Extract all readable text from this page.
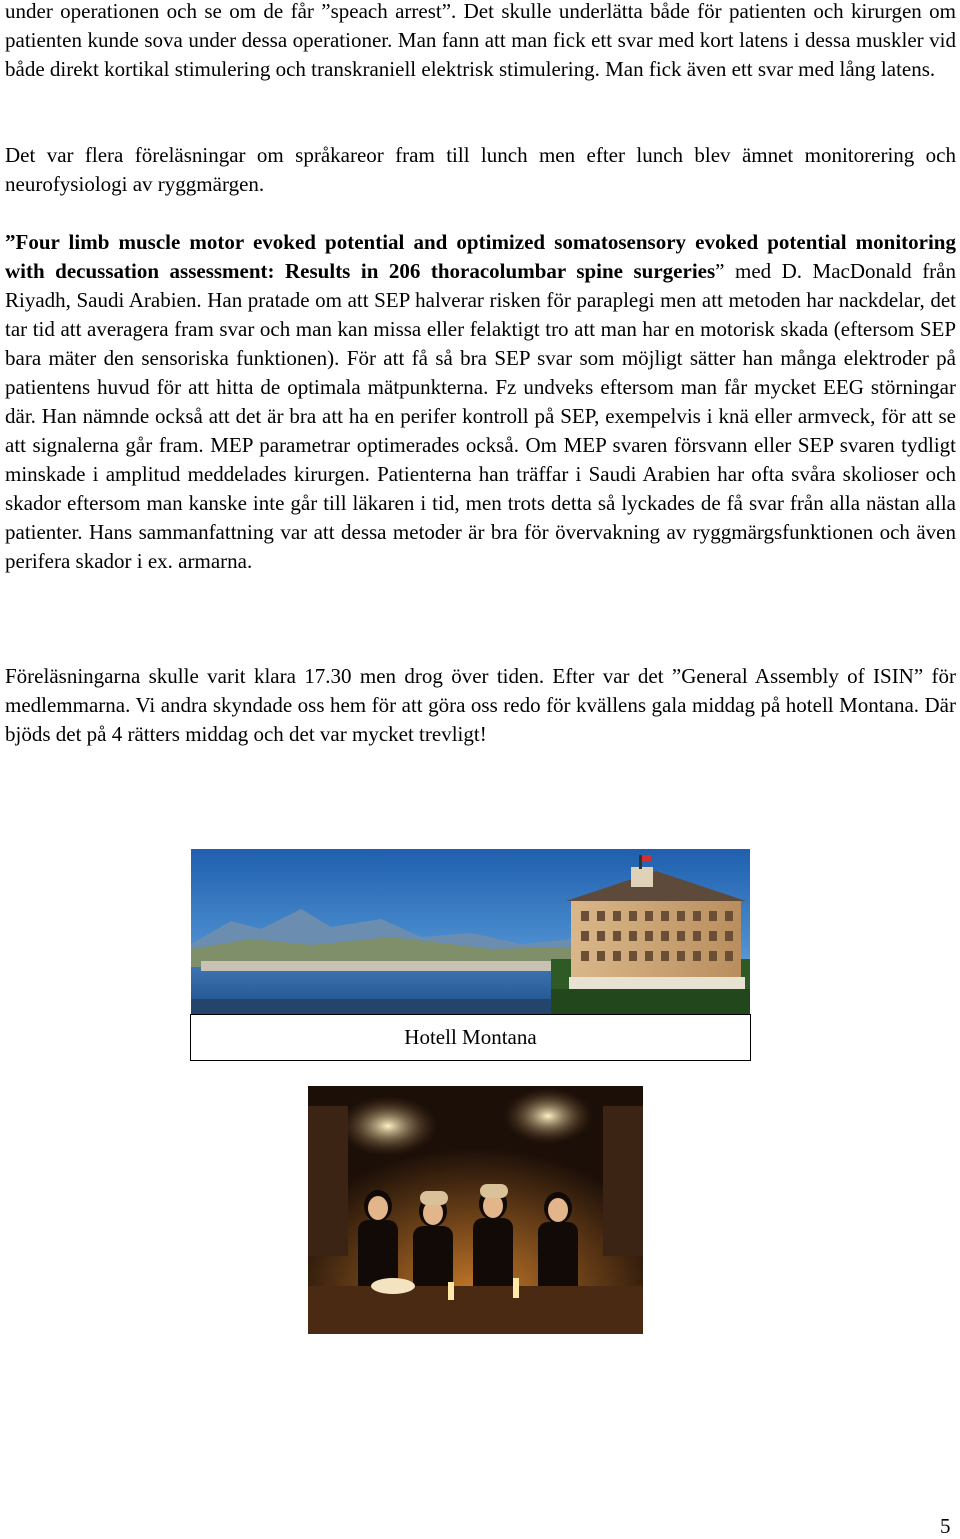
under operationen och se om de får ”speach arrest”. Det skulle underlätta både för patienten och kirurgen om patienten kunde sova under dessa operationer. Man fann att man fick ett svar med kort latens i dessa muskler vid både direkt kortikal stimulering och transkraniell elektrisk stimulering. Man fick även ett svar med lång latens.

Det var flera föreläsningar om språkareor fram till lunch men efter lunch blev ämnet monitorering och neurofysiologi av ryggmärgen.

”Four limb muscle motor evoked potential and optimized somatosensory evoked potential monitoring with decussation assessment: Results in 206 thoracolumbar spine surgeries” med D. MacDonald från Riyadh, Saudi Arabien. Han pratade om att SEP halverar risken för paraplegi men att metoden har nackdelar, det tar tid att averagera fram svar och man kan missa eller felaktigt tro att man har en motorisk skada (eftersom SEP bara mäter den sensoriska funktionen). För att få så bra SEP svar som möjligt sätter han många elektroder på patientens huvud för att hitta de optimala mätpunkterna. Fz undveks eftersom man får mycket EEG störningar där. Han nämnde också att det är bra att ha en perifer kontroll på SEP, exempelvis i knä eller armveck, för att se att signalerna går fram. MEP parametrar optimerades också. Om MEP svaren försvann eller SEP svaren tydligt minskade i amplitud meddelades kirurgen. Patienterna han träffar i Saudi Arabien har ofta svåra skolioser och skador eftersom man kanske inte går till läkaren i tid, men trots detta så lyckades de få svar från alla nästan alla patienter. Hans sammanfattning var att dessa metoder är bra för övervakning av ryggmärgsfunktionen och även perifera skador i ex. armarna.

Föreläsningarna skulle varit klara 17.30 men drog över tiden. Efter var det ”General Assembly of ISIN” för medlemmarna. Vi andra skyndade oss hem för att göra oss redo för kvällens gala middag på hotell Montana. Där bjöds det på 4 rätters middag och det var mycket trevligt!

Hotell Montana
5
